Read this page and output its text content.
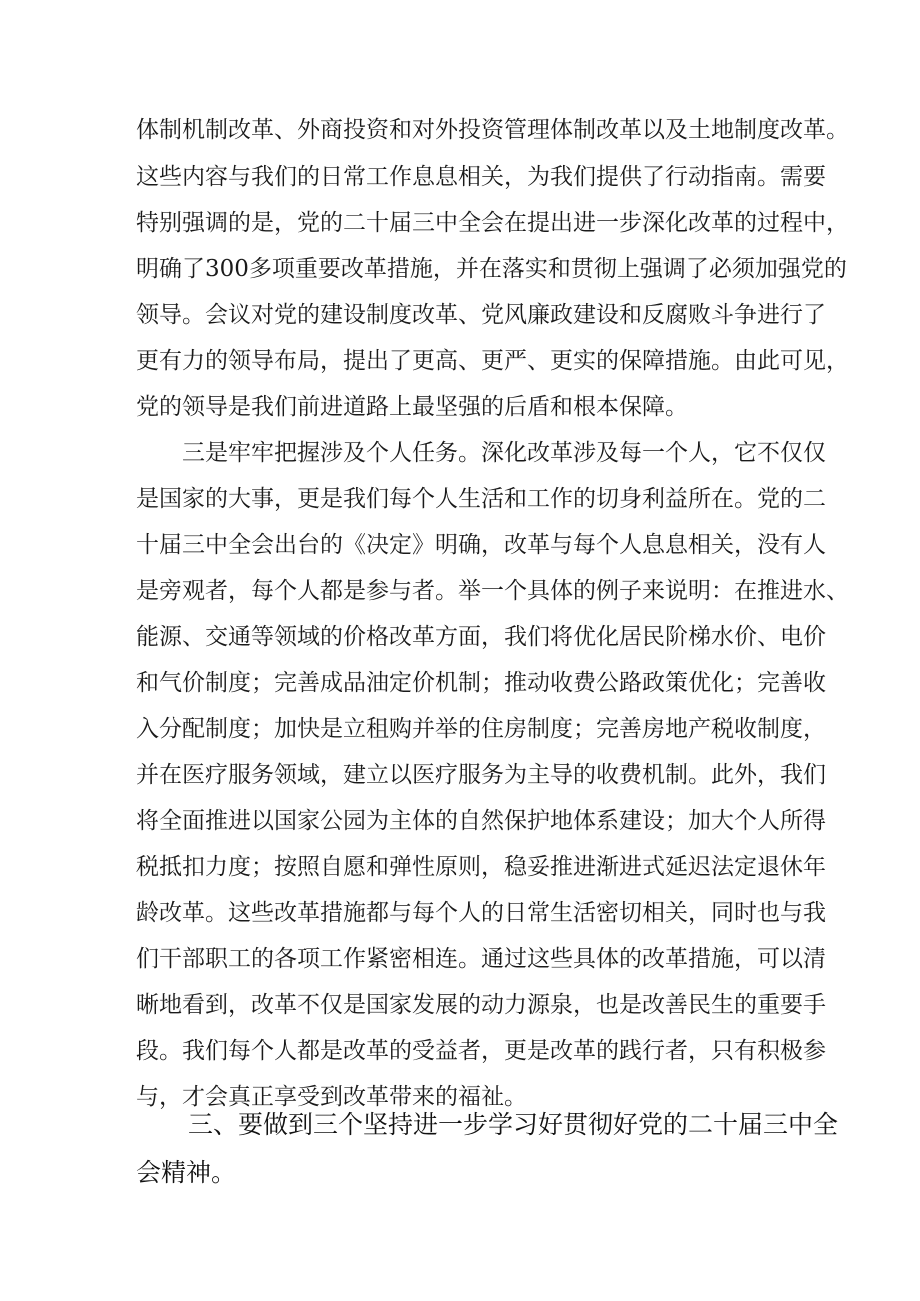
体制机制改革、外商投资和对外投资管理体制改革以及土地制度改革。
这些内容与我们的日常工作息息相关，为我们提供了行动指南。需要
特别强调的是，党的二十届三中全会在提出进一步深化改革的过程中，
明确了300多项重要改革措施，并在落实和贯彻上强调了必须加强党的
领导。会议对党的建设制度改革、党风廉政建设和反腐败斗争进行了
更有力的领导布局，提出了更高、更严、更实的保障措施。由此可见，
党的领导是我们前进道路上最坚强的后盾和根本保障。
三是牢牢把握涉及个人任务。深化改革涉及每一个人，它不仅仅
是国家的大事，更是我们每个人生活和工作的切身利益所在。党的二
十届三中全会出台的《决定》明确，改革与每个人息息相关，没有人
是旁观者，每个人都是参与者。举一个具体的例子来说明：在推进水、
能源、交通等领域的价格改革方面，我们将优化居民阶梯水价、电价
和气价制度；完善成品油定价机制；推动收费公路政策优化；完善收
入分配制度；加快是立租购并举的住房制度；完善房地产税收制度，
并在医疗服务领域，建立以医疗服务为主导的收费机制。此外，我们
将全面推进以国家公园为主体的自然保护地体系建设；加大个人所得
税抵扣力度；按照自愿和弹性原则，稳妥推进渐进式延迟法定退休年
龄改革。这些改革措施都与每个人的日常生活密切相关，同时也与我
们干部职工的各项工作紧密相连。通过这些具体的改革措施，可以清
晰地看到，改革不仅是国家发展的动力源泉，也是改善民生的重要手
段。我们每个人都是改革的受益者，更是改革的践行者，只有积极参
与，才会真正享受到改革带来的福祉。
三、要做到三个坚持进一步学习好贯彻好党的二十届三中全
会精神。
